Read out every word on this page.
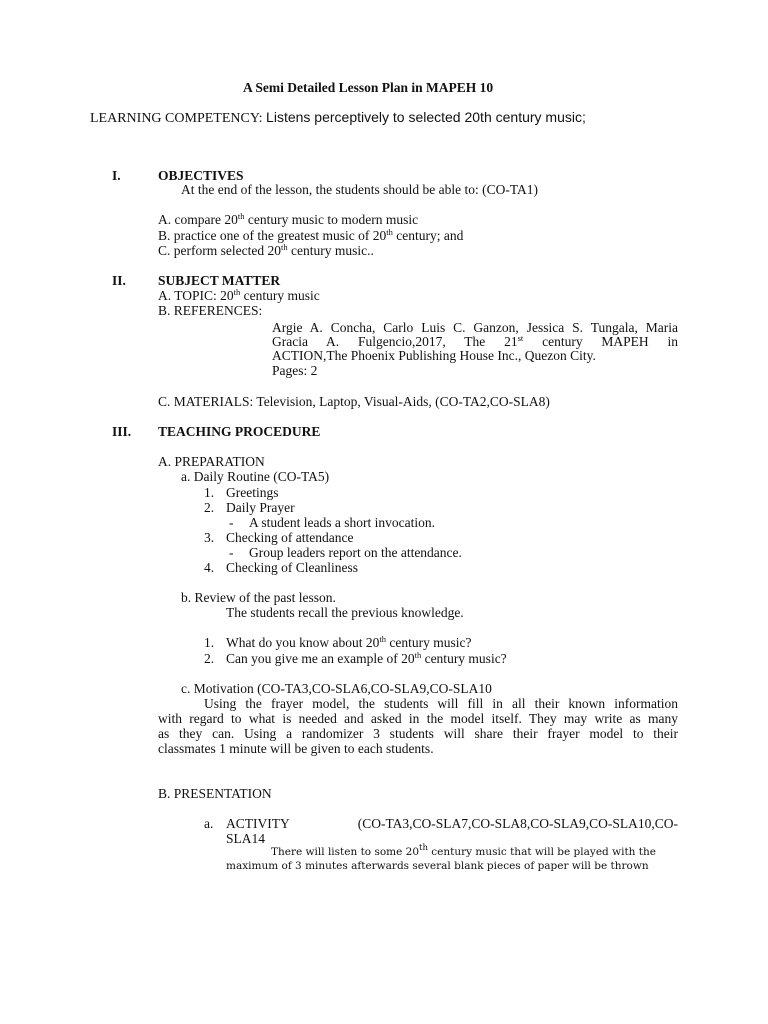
A Semi Detailed Lesson Plan in MAPEH 10
LEARNING COMPETENCY: Listens perceptively to selected 20th century music;
I.	OBJECTIVES
At the end of the lesson, the students should be able to: (CO-TA1)
A. compare 20th century music to modern music
B. practice one of the greatest music of 20th century; and
C. perform selected 20th century music..
II. SUBJECT MATTER
A. TOPIC: 20th century music
B. REFERENCES:
Argie A. Concha, Carlo Luis C. Ganzon, Jessica S. Tungala, Maria
Gracia A. Fulgencio,2017, The 21st century MAPEH in
ACTION,The Phoenix Publishing House Inc., Quezon City.
Pages: 2
C. MATERIALS: Television, Laptop, Visual-Aids, (CO-TA2,CO-SLA8)
III. TEACHING PROCEDURE
A. PREPARATION
a. Daily Routine (CO-TA5)
1. Greetings
2. Daily Prayer
- A student leads a short invocation.
3. Checking of attendance
- Group leaders report on the attendance.
4. Checking of Cleanliness
b. Review of the past lesson.
The students recall the previous knowledge.
1. What do you know about 20th century music?
2. Can you give me an example of 20th century music?
c. Motivation (CO-TA3,CO-SLA6,CO-SLA9,CO-SLA10
Using the frayer model, the students will fill in all their known information
with regard to what is needed and asked in the model itself. They may write as many
as they can. Using a randomizer 3 students will share their frayer model to their
classmates 1 minute will be given to each students.
B. PRESENTATION
a. ACTIVITY	(CO-TA3,CO-SLA7,CO-SLA8,CO-SLA9,CO-SLA10,CO-
SLA14
There will listen to some 20th century music that will be played with the
maximum of 3 minutes afterwards several blank pieces of paper will be thrown
